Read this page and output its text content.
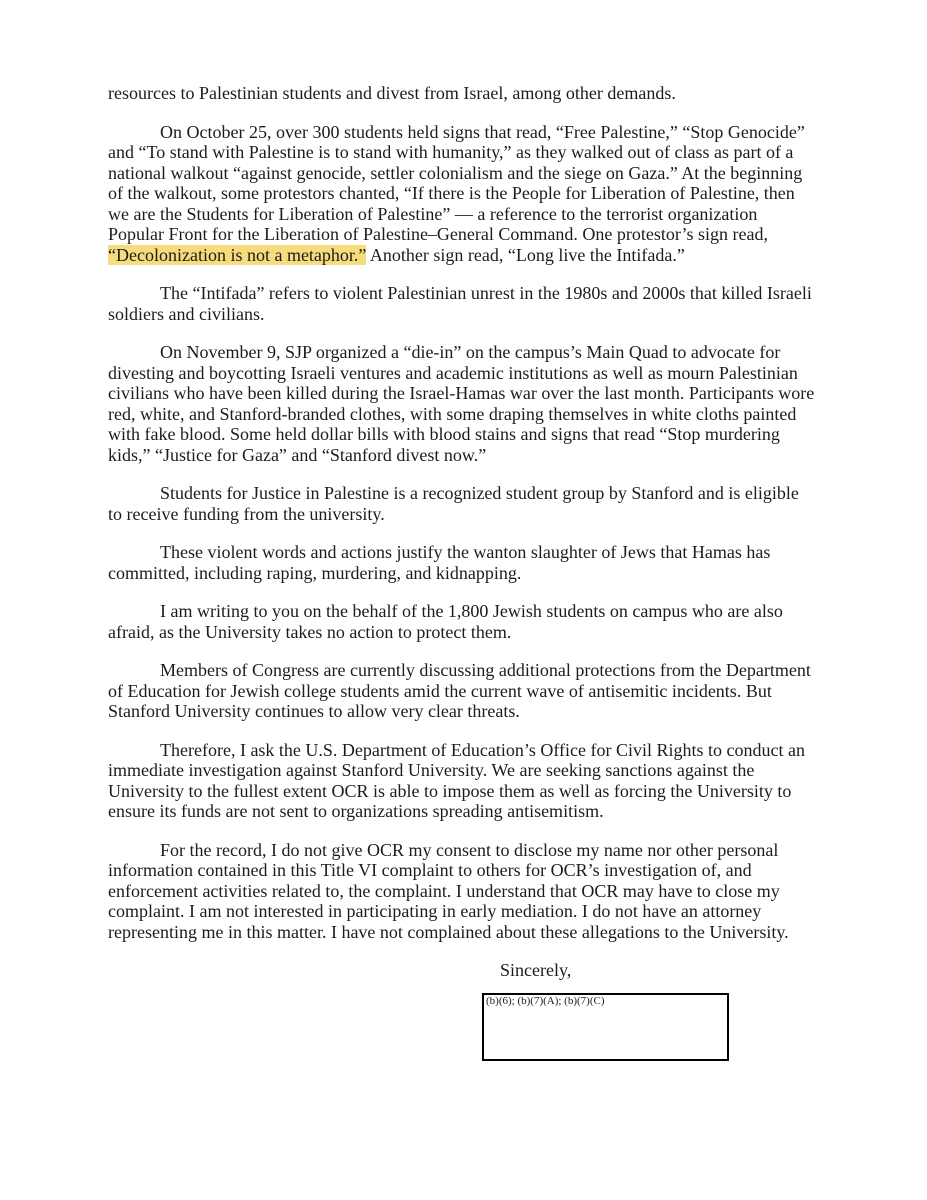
resources to Palestinian students and divest from Israel, among other demands.

On October 25, over 300 students held signs that read, “Free Palestine,” “Stop Genocide” and “To stand with Palestine is to stand with humanity,” as they walked out of class as part of a national walkout “against genocide, settler colonialism and the siege on Gaza.” At the beginning of the walkout, some protestors chanted, “If there is the People for Liberation of Palestine, then we are the Students for Liberation of Palestine” — a reference to the terrorist organization Popular Front for the Liberation of Palestine–General Command. One protestor’s sign read, “Decolonization is not a metaphor.” Another sign read, “Long live the Intifada.”

The “Intifada” refers to violent Palestinian unrest in the 1980s and 2000s that killed Israeli soldiers and civilians.

On November 9, SJP organized a “die-in” on the campus’s Main Quad to advocate for divesting and boycotting Israeli ventures and academic institutions as well as mourn Palestinian civilians who have been killed during the Israel-Hamas war over the last month. Participants wore red, white, and Stanford-branded clothes, with some draping themselves in white cloths painted with fake blood. Some held dollar bills with blood stains and signs that read “Stop murdering kids,” “Justice for Gaza” and “Stanford divest now.”

Students for Justice in Palestine is a recognized student group by Stanford and is eligible to receive funding from the university.

These violent words and actions justify the wanton slaughter of Jews that Hamas has committed, including raping, murdering, and kidnapping.

I am writing to you on the behalf of the 1,800 Jewish students on campus who are also afraid, as the University takes no action to protect them.

Members of Congress are currently discussing additional protections from the Department of Education for Jewish college students amid the current wave of antisemitic incidents. But Stanford University continues to allow very clear threats.

Therefore, I ask the U.S. Department of Education’s Office for Civil Rights to conduct an immediate investigation against Stanford University. We are seeking sanctions against the University to the fullest extent OCR is able to impose them as well as forcing the University to ensure its funds are not sent to organizations spreading antisemitism.

For the record, I do not give OCR my consent to disclose my name nor other personal information contained in this Title VI complaint to others for OCR’s investigation of, and enforcement activities related to, the complaint. I understand that OCR may have to close my complaint. I am not interested in participating in early mediation. I do not have an attorney representing me in this matter. I have not complained about these allegations to the University.

Sincerely,

(b)(6); (b)(7)(A); (b)(7)(C)
